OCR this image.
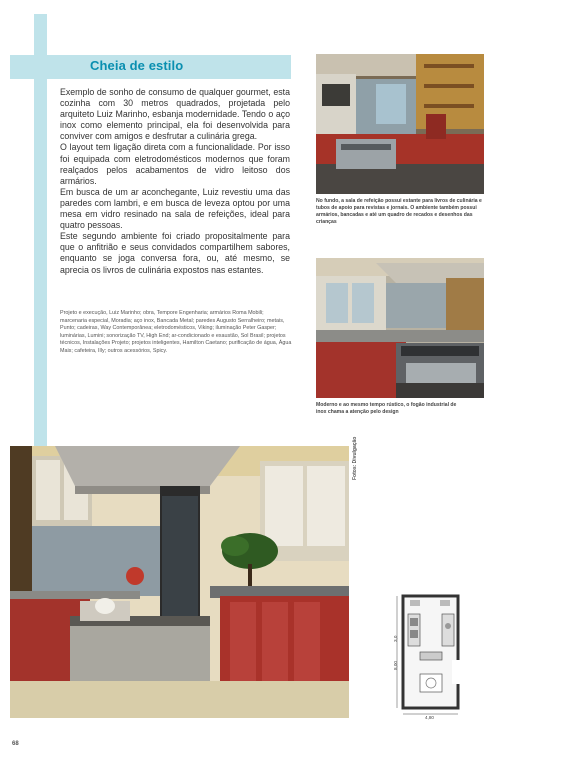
Cheia de estilo

Exemplo de sonho de consumo de qualquer gourmet, esta cozinha com 30 metros quadrados, projetada pelo arquiteto Luiz Marinho, esbanja modernidade. Tendo o aço inox como elemento principal, ela foi desenvolvida para conviver com amigos e desfrutar a culinária grega.

O layout tem ligação direta com a funcionalidade. Por isso foi equipada com eletrodomésticos modernos que foram realçados pelos acabamentos de vidro leitoso dos armários.

Em busca de um ar aconchegante, Luiz revestiu uma das paredes com lambri, e em busca de leveza optou por uma mesa em vidro resinado na sala de refeições, ideal para quatro pessoas.

Este segundo ambiente foi criado propositalmente para que o anfitrião e seus convidados compartilhem sabores, enquanto se joga conversa fora, ou, até mesmo, se aprecia os livros de culinária expostos nas estantes.

Projeto e execução, Luiz Marinho; obra, Tempore Engenharia; armários Roma Mobili; marcenaria especial, Moradia; aço inox, Bancada Metal; paredes Augusto Serralheiro; metais, Punto; cadeiras, Way Contemporânea; eletrodomésticos, Viking; iluminação Peter Gasper; luminárias, Lumini; sonorização TV, High End; ar-condicionado e exaustão, Sol Brasil; projetos técnicos, Instalações Projeto; projetos inteligentes, Hamilton Caetano; purificação de água, Água Mais; cafeteira, Illy; outros acessórios, Spicy.
No fundo, a sala de refeição possui estante para livros de culinária e tubos de apoio para revistas e jornais. O ambiente também possui armários, bancadas e até um quadro de recados e desenhos das crianças
Moderno e ao mesmo tempo rústico, o fogão industrial de inox chama a atenção pelo design
Fotos: Divulgação
3,0
8,00
4,80
68
